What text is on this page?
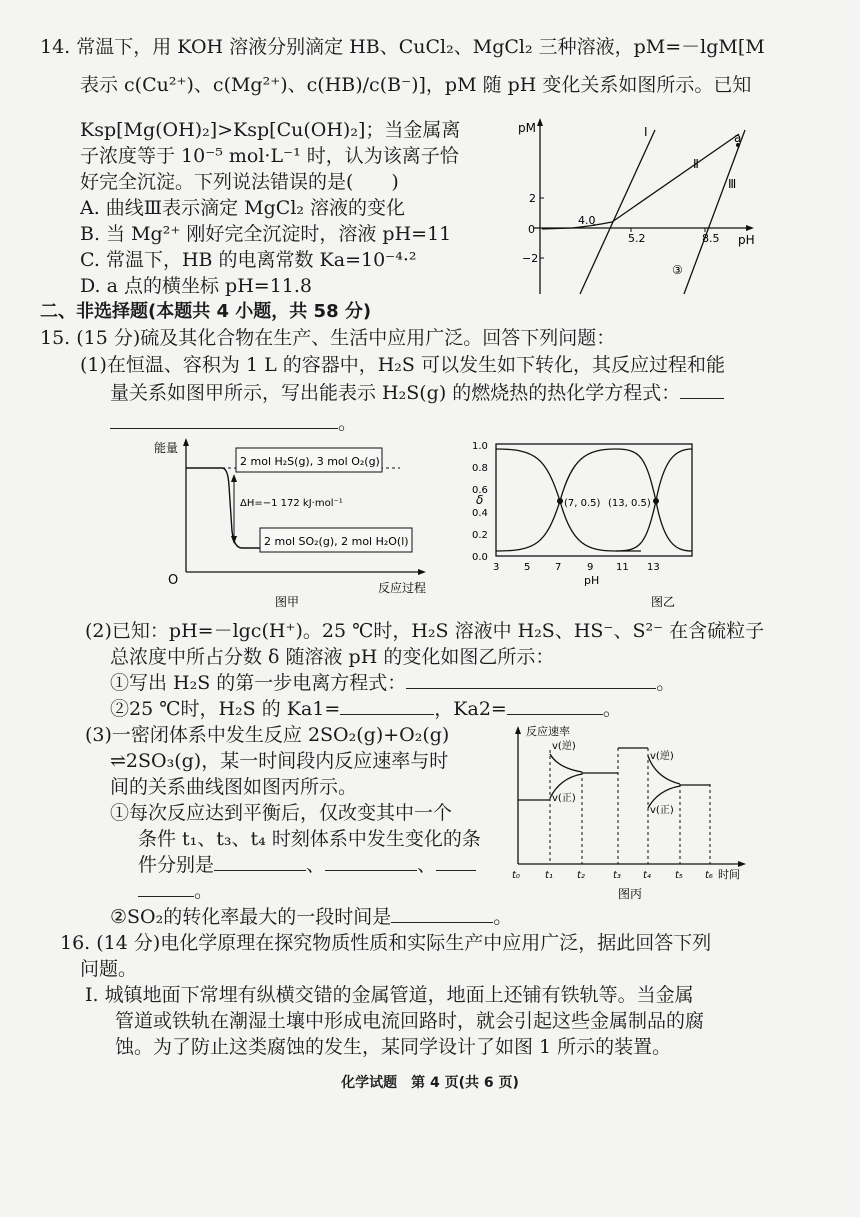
14. 常温下，用 KOH 溶液分别滴定 HB、CuCl₂、MgCl₂ 三种溶液，pM=－lgM[M
表示 c(Cu²⁺)、c(Mg²⁺)、c(HB)/c(B⁻)]，pM 随 pH 变化关系如图所示。已知
Ksp[Mg(OH)₂]>Ksp[Cu(OH)₂]；当金属离
子浓度等于 10⁻⁵ mol·L⁻¹ 时，认为该离子恰
好完全沉淀。下列说法错误的是(　　)
A. 曲线Ⅲ表示滴定 MgCl₂ 溶液的变化
B. 当 Mg²⁺ 刚好完全沉淀时，溶液 pH=11
C. 常温下，HB 的电离常数 Ka=10⁻⁴·²
D. a 点的横坐标 pH=11.8
pM
pH
0
2
−2
4.0
5.2	8.5
Ⅰ
Ⅱ
Ⅲ
a
③
二、非选择题(本题共 4 小题，共 58 分)
15. (15 分)硫及其化合物在生产、生活中应用广泛。回答下列问题：
(1)在恒温、容积为 1 L 的容器中，H₂S 可以发生如下转化，其反应过程和能
量关系如图甲所示，写出能表示 H₂S(g) 的燃烧热的热化学方程式：
。
能量
O	反应过程
2 mol H₂S(g), 3 mol O₂(g)
ΔH=−1 172 kJ·mol⁻¹
2 mol SO₂(g), 2 mol H₂O(l)
图甲
δ
0.0
0.2
0.4
0.6
0.8
1.0
3 5 7	9 11 13
pH
(7, 0.5) (13, 0.5)
图乙
(2)已知：pH=－lgc(H⁺)。25 ℃时，H₂S 溶液中 H₂S、HS⁻、S²⁻ 在含硫粒子
总浓度中所占分数 δ 随溶液 pH 的变化如图乙所示：
①写出 H₂S 的第一步电离方程式：	。
②25 ℃时，H₂S 的 Ka1=	，Ka2=	。
(3)一密闭体系中发生反应 2SO₂(g)+O₂(g)
⇌2SO₃(g)，某一时间段内反应速率与时
间的关系曲线图如图丙所示。
①每次反应达到平衡后，仅改变其中一个
条件 t₁、t₃、t₄ 时刻体系中发生变化的条
件分别是	、	、
。
②SO₂的转化率最大的一段时间是	。
反应速率
v(逆)
v(正)
v(逆)
v(正)
t₀	t₁ t₂	t₃ t₄ t₅ t₆ 时间
图丙
16. (14 分)电化学原理在探究物质性质和实际生产中应用广泛，据此回答下列
问题。
Ⅰ. 城镇地面下常埋有纵横交错的金属管道，地面上还铺有铁轨等。当金属
管道或铁轨在潮湿土壤中形成电流回路时，就会引起这些金属制品的腐
蚀。为了防止这类腐蚀的发生，某同学设计了如图 1 所示的装置。
化学试题　第 4 页(共 6 页)
